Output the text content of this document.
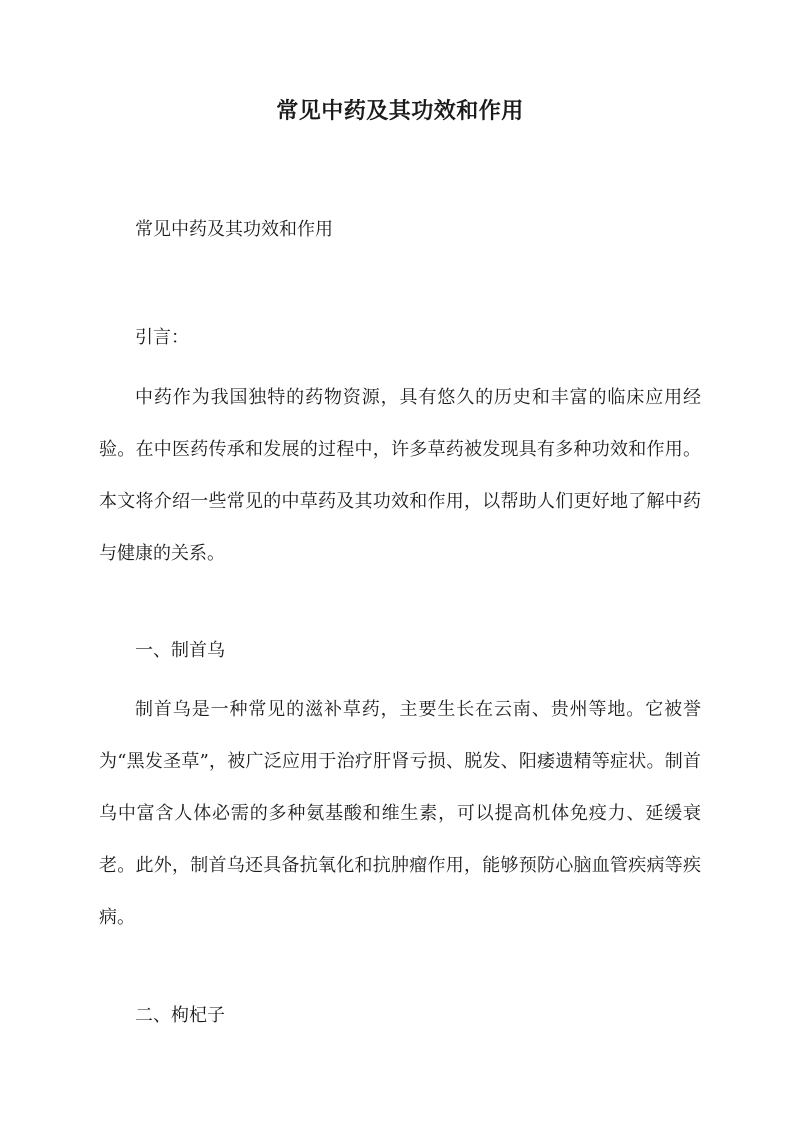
常见中药及其功效和作用
常见中药及其功效和作用
引言：

中药作为我国独特的药物资源，具有悠久的历史和丰富的临床应用经验。在中医药传承和发展的过程中，许多草药被发现具有多种功效和作用。本文将介绍一些常见的中草药及其功效和作用，以帮助人们更好地了解中药与健康的关系。

一、制首乌

制首乌是一种常见的滋补草药，主要生长在云南、贵州等地。它被誉为“黑发圣草”，被广泛应用于治疗肝肾亏损、脱发、阳痿遗精等症状。制首乌中富含人体必需的多种氨基酸和维生素，可以提高机体免疫力、延缓衰老。此外，制首乌还具备抗氧化和抗肿瘤作用，能够预防心脑血管疾病等疾病。

二、枸杞子
